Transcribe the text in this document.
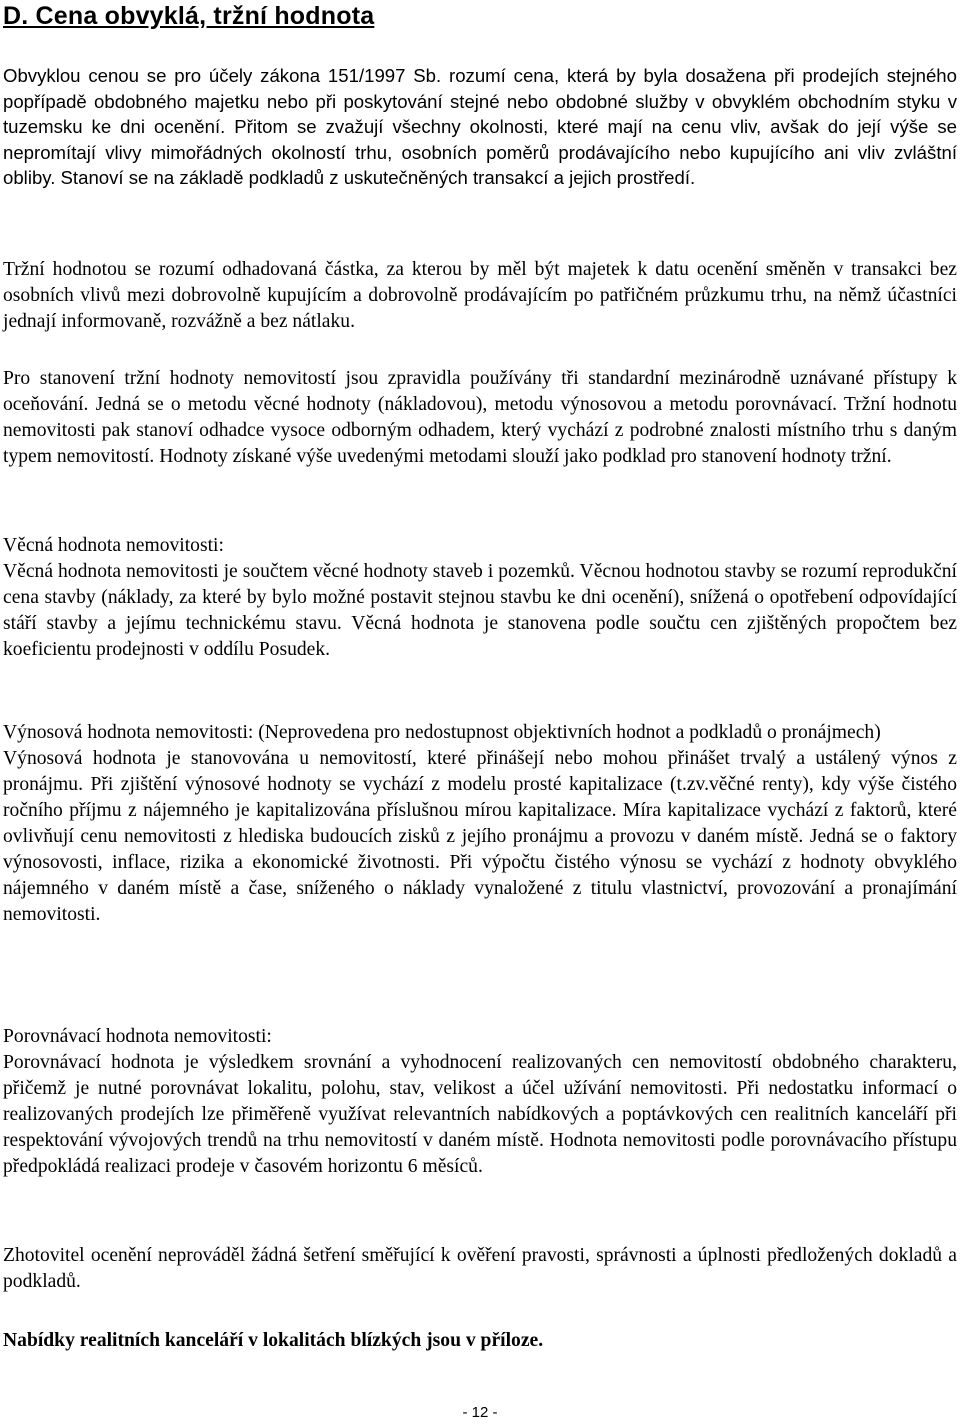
D. Cena obvyklá, tržní hodnota
Obvyklou cenou se pro účely zákona 151/1997 Sb. rozumí cena, která by byla dosažena při prodejích stejného popřípadě obdobného majetku nebo při poskytování stejné nebo obdobné služby v obvyklém obchodním styku v tuzemsku ke dni ocenění. Přitom se zvažují všechny okolnosti, které mají na cenu vliv, avšak do její výše se nepromítají vlivy mimořádných okolností trhu, osobních poměrů prodávajícího nebo kupujícího ani vliv zvláštní obliby. Stanoví se na základě podkladů z uskutečněných transakcí a jejich prostředí.
Tržní hodnotou se rozumí odhadovaná částka, za kterou by měl být majetek k datu ocenění směněn v transakci bez osobních vlivů mezi dobrovolně kupujícím a dobrovolně prodávajícím po patřičném průzkumu trhu, na němž účastníci jednají informovaně, rozvážně a bez nátlaku.
Pro stanovení tržní hodnoty nemovitostí jsou zpravidla používány tři standardní mezinárodně uznávané přístupy k oceňování. Jedná se o metodu věcné hodnoty (nákladovou), metodu výnosovou a metodu porovnávací. Tržní hodnotu nemovitosti pak stanoví odhadce vysoce odborným odhadem, který vychází z podrobné znalosti místního trhu s daným typem nemovitostí. Hodnoty získané výše uvedenými metodami slouží jako podklad pro stanovení hodnoty tržní.
Věcná hodnota nemovitosti:
Věcná hodnota nemovitosti je součtem věcné hodnoty staveb i pozemků. Věcnou hodnotou stavby se rozumí reprodukční cena stavby (náklady, za které by bylo možné postavit stejnou stavbu ke dni ocenění), snížená o opotřebení odpovídající stáří stavby a jejímu technickému stavu. Věcná hodnota je stanovena podle součtu cen zjištěných propočtem bez koeficientu prodejnosti v oddílu Posudek.
Výnosová hodnota nemovitosti: (Neprovedena pro nedostupnost objektivních hodnot a podkladů o pronájmech)
Výnosová hodnota je stanovována u nemovitostí, které přinášejí nebo mohou přinášet trvalý a ustálený výnos z pronájmu. Při zjištění výnosové hodnoty se vychází z modelu prosté kapitalizace (t.zv.věčné renty), kdy výše čistého ročního příjmu z nájemného je kapitalizována příslušnou mírou kapitalizace. Míra kapitalizace vychází z faktorů, které ovlivňují cenu nemovitosti z hlediska budoucích zisků z jejího pronájmu a provozu v daném místě. Jedná se o faktory výnosovosti, inflace, rizika a ekonomické životnosti. Při výpočtu čistého výnosu se vychází z hodnoty obvyklého nájemného v daném místě a čase, sníženého o náklady vynaložené z titulu vlastnictví, provozování a pronajímání nemovitosti.
Porovnávací hodnota nemovitosti:
Porovnávací hodnota je výsledkem srovnání a vyhodnocení realizovaných cen nemovitostí obdobného charakteru, přičemž je nutné porovnávat lokalitu, polohu, stav, velikost a účel užívání nemovitosti. Při nedostatku informací o realizovaných prodejích lze přiměřeně využívat relevantních nabídkových a poptávkových cen realitních kanceláří při respektování vývojových trendů na trhu nemovitostí v daném místě. Hodnota nemovitosti podle porovnávacího přístupu předpokládá realizaci prodeje v časovém horizontu 6 měsíců.
Zhotovitel ocenění neprováděl žádná šetření směřující k ověření pravosti, správnosti a úplnosti předložených dokladů a podkladů.
Nabídky realitních kanceláří v lokalitách blízkých jsou v příloze.
- 12 -
